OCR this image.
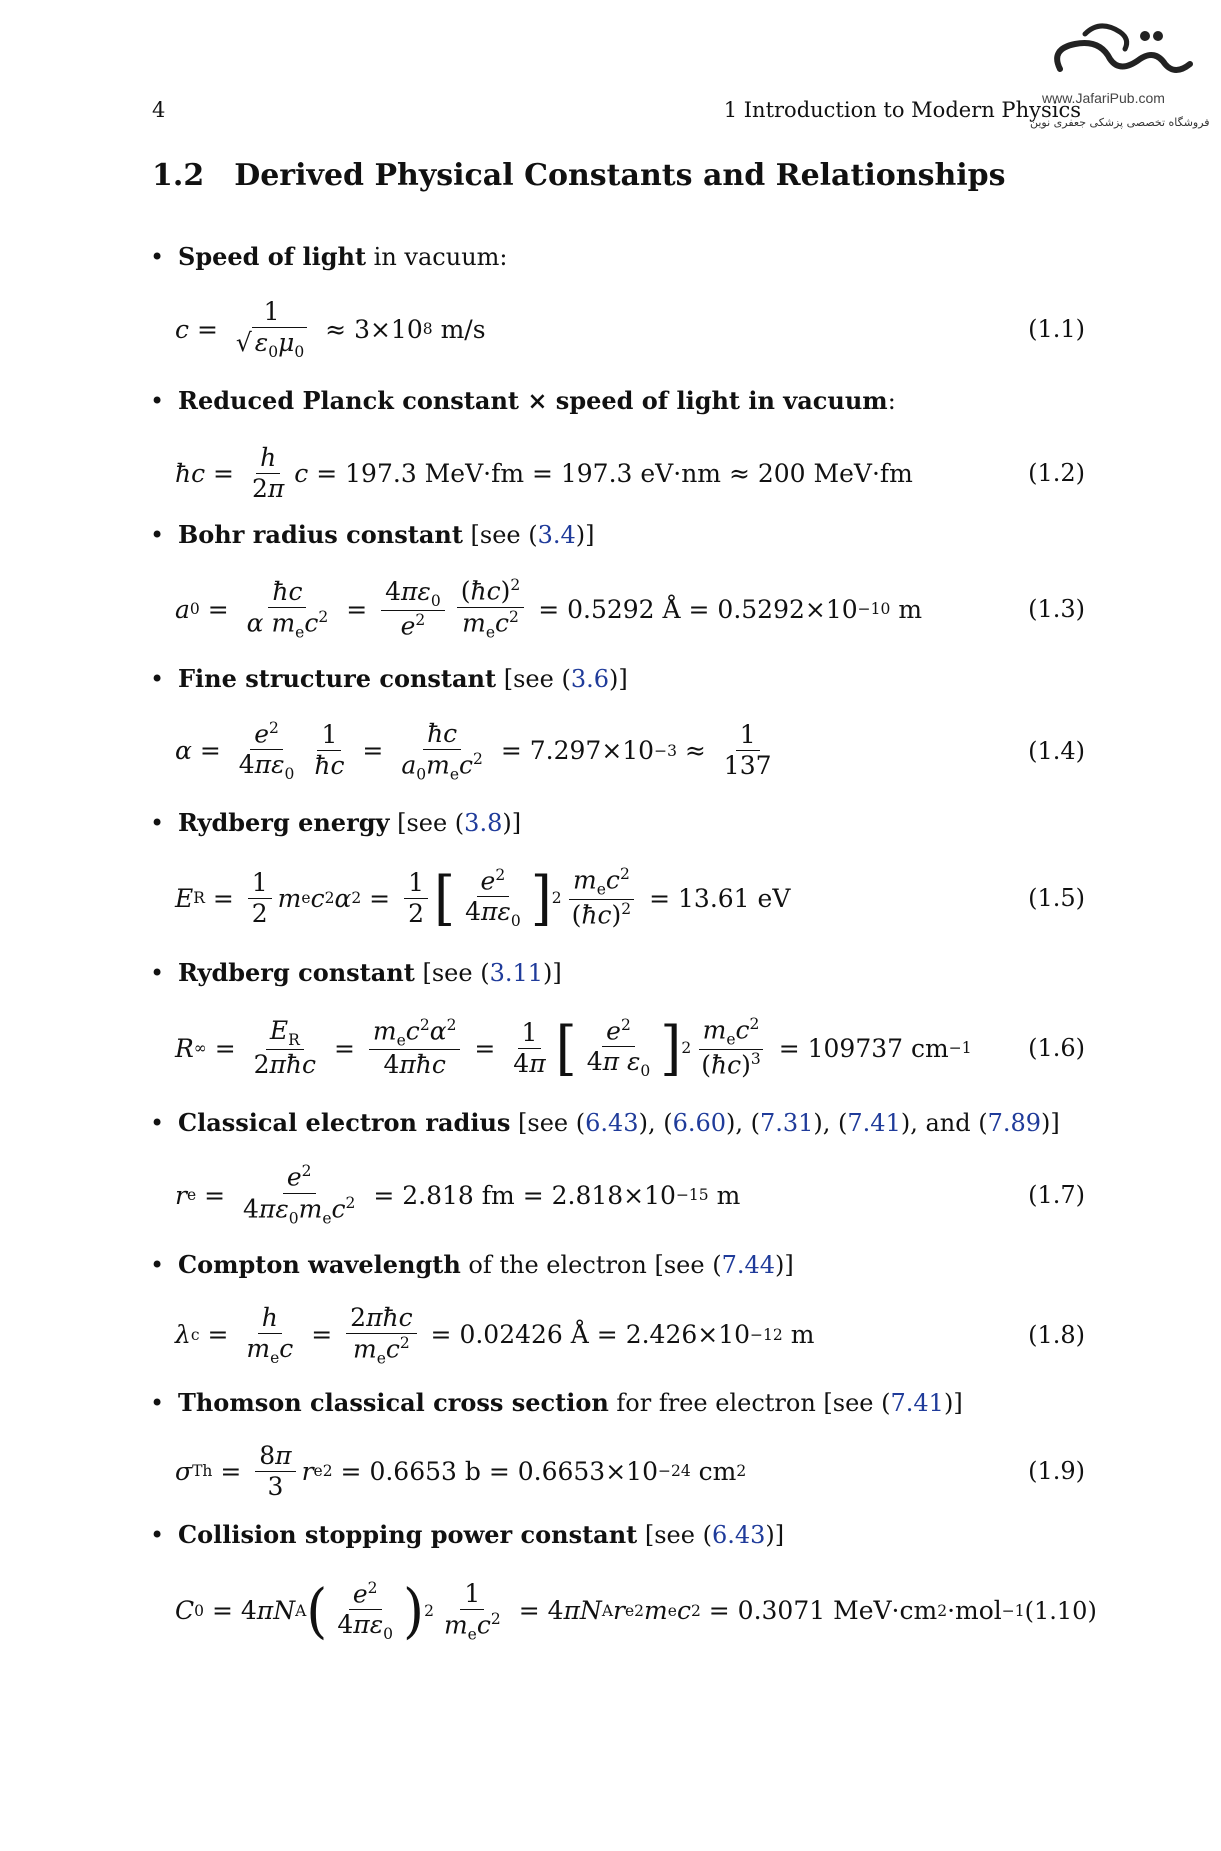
4	1 Introduction to Modern Physics
www.JafariPub.com
فروشگاه تخصصی پزشکی جعفری نوین
1.2 Derived Physical Constants and Relationships
• Speed of light in vacuum:
$c = \frac{1}{√ \varepsilon_0\mu_0} \approx 3\times 10$ 8
m/s	(1.1)
• Reduced Planck constant × speed of light in vacuum:
ħc = $\frac{h}{2\pi}$ c = 197.3 MeV·fm = 197.3 eV·nm ≈ 200 MeV·fm	(1.2)
• Bohr radius constant [see (3.4)]
a $0 = \frac{ħc}{\alpha m_ec^2} = \frac{4\pi\varepsilon_0}{e^2} \frac{(ħc)^2}{m_ec^2} = 0.5292$ Å = 0.5292×10 −10
m	(1.3)
• Fine structure constant [see (3.6)]
$\alpha = \frac{e^2}{4\pi\varepsilon_0} \frac{1}{ħc} = \frac{ħc}{a_0m_ec^2} = 7.297\times 10 -3 \approx \frac{1}{137}$	(1.4)
• Rydberg energy [see (3.8)]
E $R = \frac{1}{2}$ m e c 2 α $2 = \frac{1}{2}$ [ $\frac{e^2}{4\pi\varepsilon_0}$ ] $2 \frac{m_ec^2}{(ħc)^2} = 13.61$ eV	(1.5)
• Rydberg constant [see (3.11)]
R ∞ = $\frac{E_R}{\text{2πħc}} = \frac{m_ec^2\alpha^2}{\text{4πħc}} = \frac{1}{4\pi}$ [ $\frac{e^2}{4\pi \varepsilon_0}$ ] $2 \frac{m_ec^2}{(ħc)^3} = 109737$ cm −1	(1.6)
• Classical electron radius [see (6.43), (6.60), (7.31), (7.41), and (7.89)]
r $e = \frac{e^2}{4\pi\varepsilon_0m_ec^2} = 2.818$ fm = 2.818×10 −15
m	(1.7)
• Compton wavelength of the electron [see (7.44)]
λ $c = \frac{h}{m_ec} = \frac{\text{2πħc}}{m_ec^2} = 0.02426$ Å = 2.426×10 −12
m	(1.8)
• Thomson classical cross section for free electron [see (7.41)]
σ $Th = \frac{8\pi}{3}$ r e 2 = 0.6653 b = 0.6653×10 −24
cm 2	(1.9)
• Collision stopping power constant [see (6.43)]
C 0 = 4 πN A ( $\frac{e^2}{4\pi\varepsilon_0}$ ) $2 \frac{1}{m_ec^2} = 4$ πN A r e 2 m e c 2 = 0.3071 MeV·cm 2 ·mol −1 (1.10)
